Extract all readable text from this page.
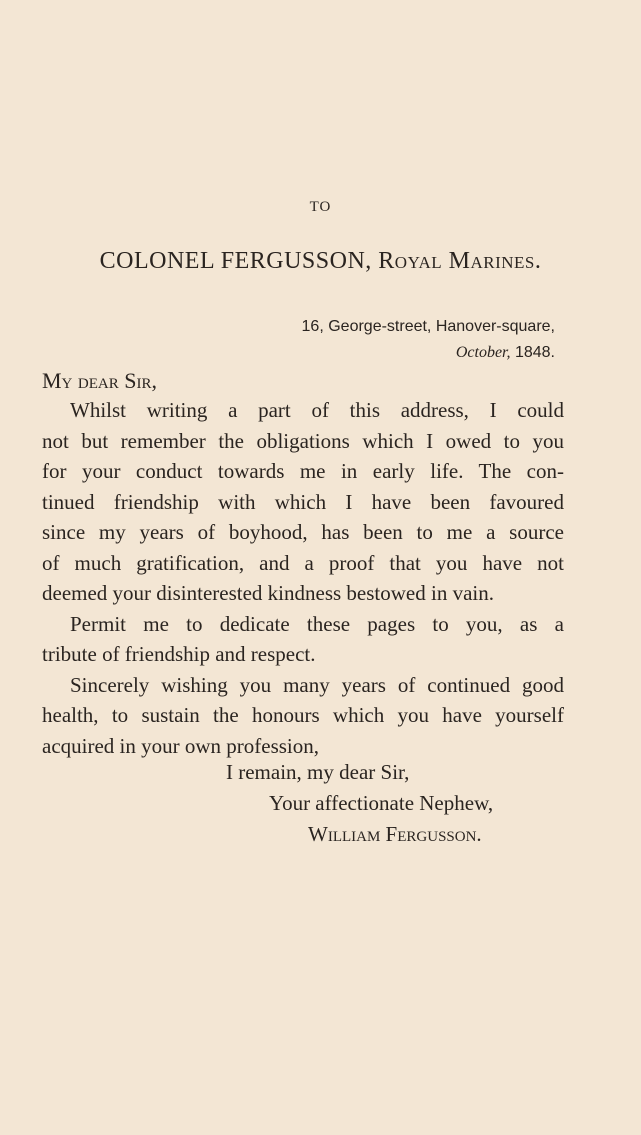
TO
COLONEL FERGUSSON, Royal Marines.
16, George-street, Hanover-square,
October, 1848.
My dear Sir,
Whilst writing a part of this address, I could
not but remember the obligations which I owed to you
for your conduct towards me in early life. The con-
tinued friendship with which I have been favoured
since my years of boyhood, has been to me a source
of much gratification, and a proof that you have not
deemed your disinterested kindness bestowed in vain.
Permit me to dedicate these pages to you, as a
tribute of friendship and respect.
Sincerely wishing you many years of continued good
health, to sustain the honours which you have yourself
acquired in your own profession,
I remain, my dear Sir,
Your affectionate Nephew,
William Fergusson.
